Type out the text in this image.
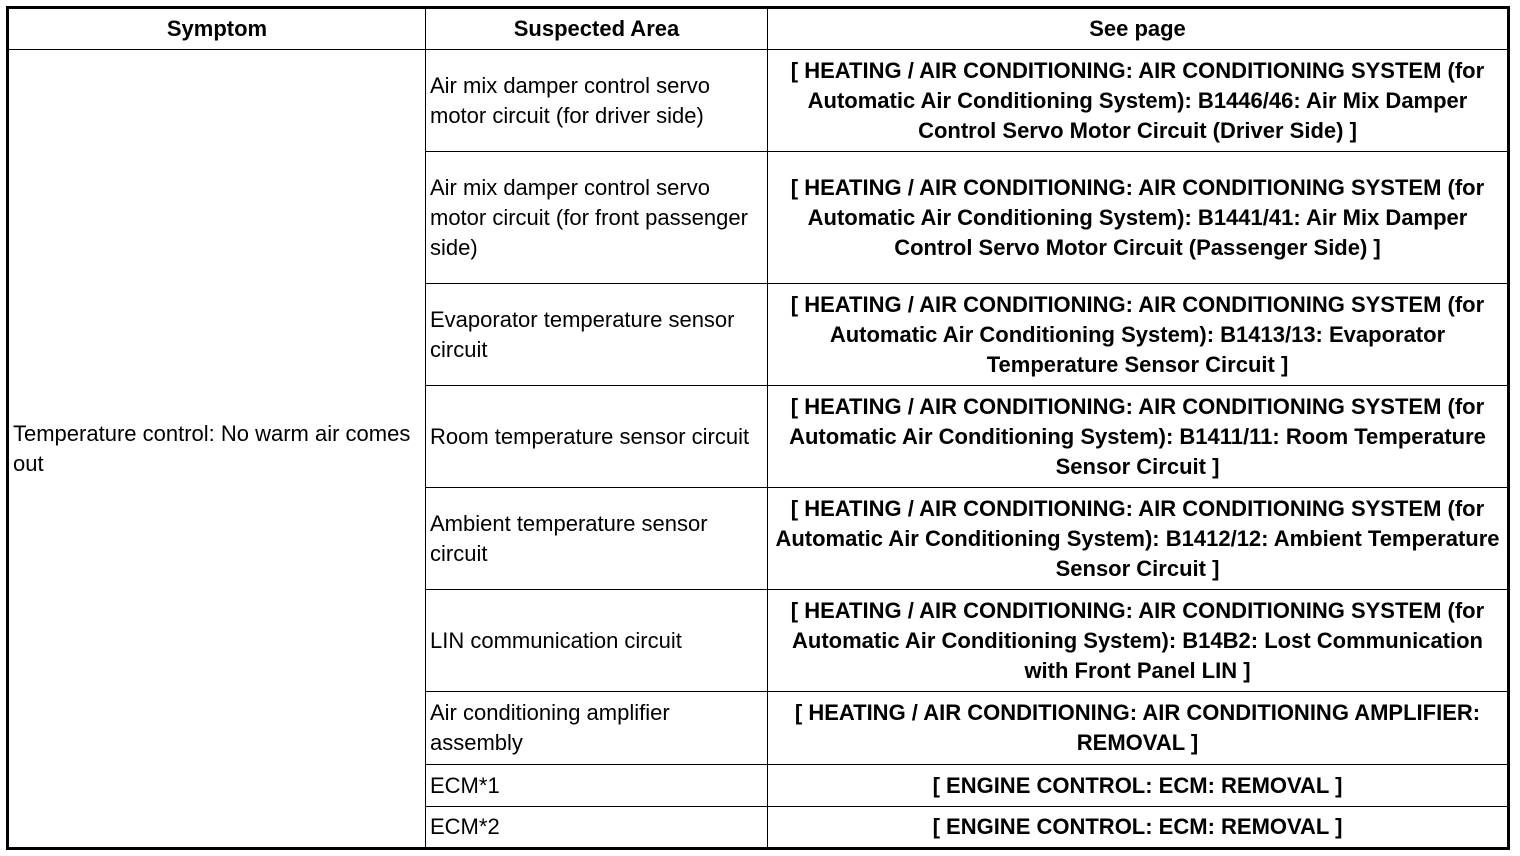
Symptom	Suspected Area	See page
Temperature control: No warm air comes out	Air mix damper control servo motor circuit (for driver side)	[ HEATING / AIR CONDITIONING: AIR CONDITIONING SYSTEM (for Automatic Air Conditioning System): B1446/46: Air Mix Damper Control Servo Motor Circuit (Driver Side) ]
	Air mix damper control servo motor circuit (for front passenger side)	[ HEATING / AIR CONDITIONING: AIR CONDITIONING SYSTEM (for Automatic Air Conditioning System): B1441/41: Air Mix Damper Control Servo Motor Circuit (Passenger Side) ]
	Evaporator temperature sensor circuit	[ HEATING / AIR CONDITIONING: AIR CONDITIONING SYSTEM (for Automatic Air Conditioning System): B1413/13: Evaporator Temperature Sensor Circuit ]
	Room temperature sensor circuit	[ HEATING / AIR CONDITIONING: AIR CONDITIONING SYSTEM (for Automatic Air Conditioning System): B1411/11: Room Temperature Sensor Circuit ]
	Ambient temperature sensor circuit	[ HEATING / AIR CONDITIONING: AIR CONDITIONING SYSTEM (for Automatic Air Conditioning System): B1412/12: Ambient Temperature Sensor Circuit ]
	LIN communication circuit	[ HEATING / AIR CONDITIONING: AIR CONDITIONING SYSTEM (for Automatic Air Conditioning System): B14B2: Lost Communication with Front Panel LIN ]
	Air conditioning amplifier assembly	[ HEATING / AIR CONDITIONING: AIR CONDITIONING AMPLIFIER: REMOVAL ]
	ECM*1	[ ENGINE CONTROL: ECM: REMOVAL ]
	ECM*2	[ ENGINE CONTROL: ECM: REMOVAL ]
